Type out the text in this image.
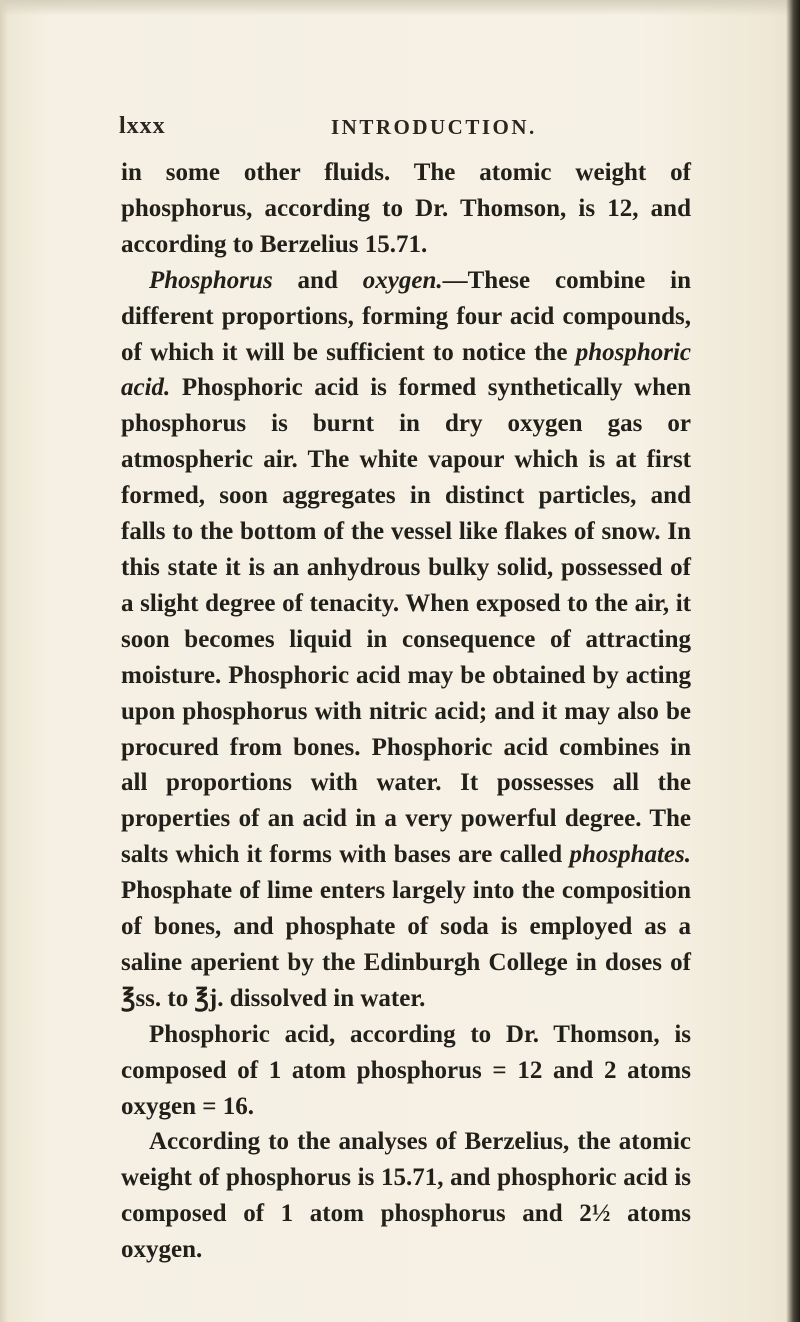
lxxx	INTRODUCTION.

in some other fluids. The atomic weight of phosphorus, according to Dr. Thomson, is 12, and according to Berzelius 15.71.

Phosphorus and oxygen.—These combine in different proportions, forming four acid compounds, of which it will be sufficient to notice the phosphoric acid. Phosphoric acid is formed synthetically when phosphorus is burnt in dry oxygen gas or atmospheric air. The white vapour which is at first formed, soon aggregates in distinct particles, and falls to the bottom of the vessel like flakes of snow. In this state it is an anhydrous bulky solid, possessed of a slight degree of tenacity. When exposed to the air, it soon becomes liquid in consequence of attracting moisture. Phosphoric acid may be obtained by acting upon phosphorus with nitric acid; and it may also be procured from bones. Phosphoric acid combines in all proportions with water. It possesses all the properties of an acid in a very powerful degree. The salts which it forms with bases are called phosphates. Phosphate of lime enters largely into the composition of bones, and phosphate of soda is employed as a saline aperient by the Edinburgh College in doses of ℥ss. to ℥j. dissolved in water.

Phosphoric acid, according to Dr. Thomson, is composed of 1 atom phosphorus = 12 and 2 atoms oxygen = 16.

According to the analyses of Berzelius, the atomic weight of phosphorus is 15.71, and phosphoric acid is composed of 1 atom phosphorus and 2½ atoms oxygen.
